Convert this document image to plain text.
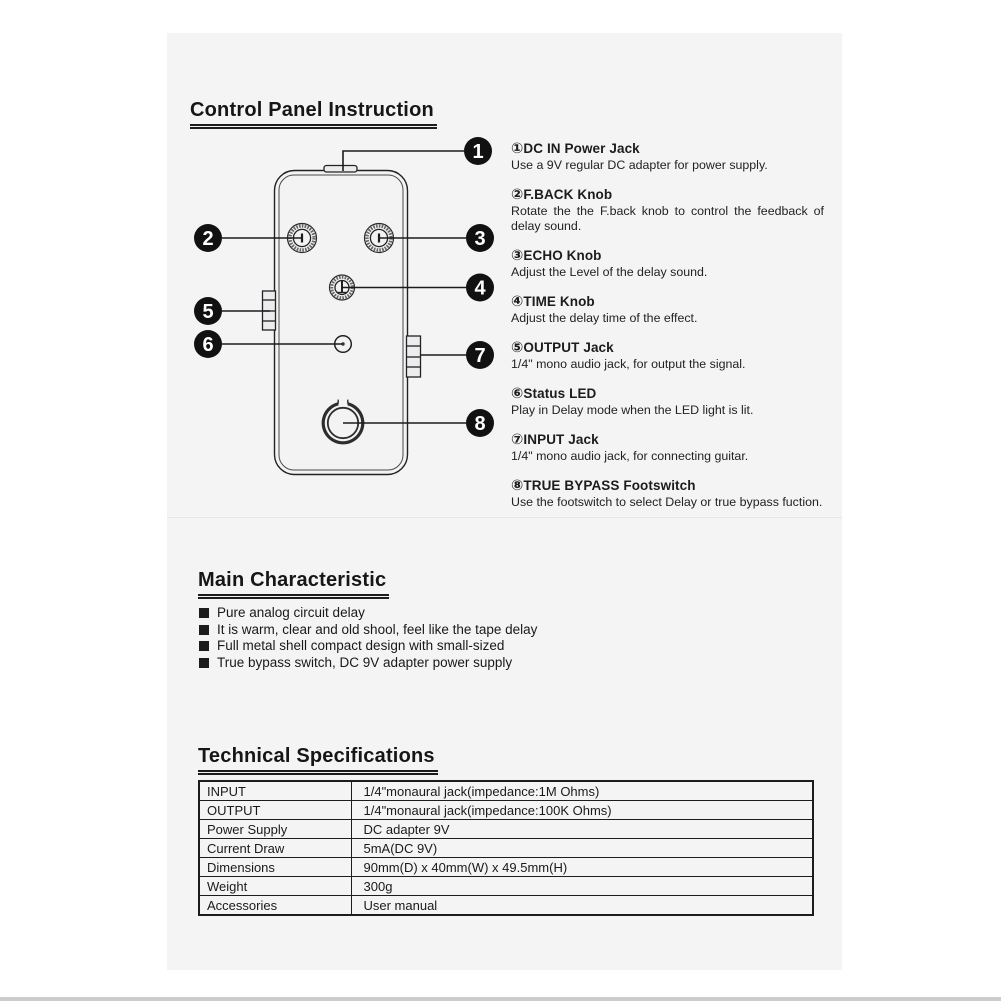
Control Panel Instruction
1
2	3
4
5
6	7
8
①DC IN Power Jack

Use a 9V regular DC adapter for power supply.

②F.BACK Knob

Rotate the the F.back knob to control the feedback of delay sound.

③ECHO Knob

Adjust the Level of the delay sound.

④TIME Knob

Adjust the delay time of the effect.

⑤OUTPUT Jack

1/4" mono audio jack, for output the signal.

⑥Status LED

Play in Delay mode when the LED light is lit.

⑦INPUT Jack

1/4" mono audio jack, for connecting guitar.

⑧TRUE BYPASS Footswitch

Use the footswitch to select Delay or true bypass fuction.

Main Characteristic
Pure analog circuit delay
It is warm, clear and old shool, feel like the tape delay
Full metal shell compact design with small-sized
True bypass switch, DC 9V adapter power supply
Technical Specifications
INPUT	1/4"monaural jack(impedance:1M Ohms)
OUTPUT	1/4"monaural jack(impedance:100K Ohms)
Power Supply	DC adapter 9V
Current Draw	5mA(DC 9V)
Dimensions	90mm(D) x 40mm(W) x 49.5mm(H)
Weight	300g
Accessories	User manual
